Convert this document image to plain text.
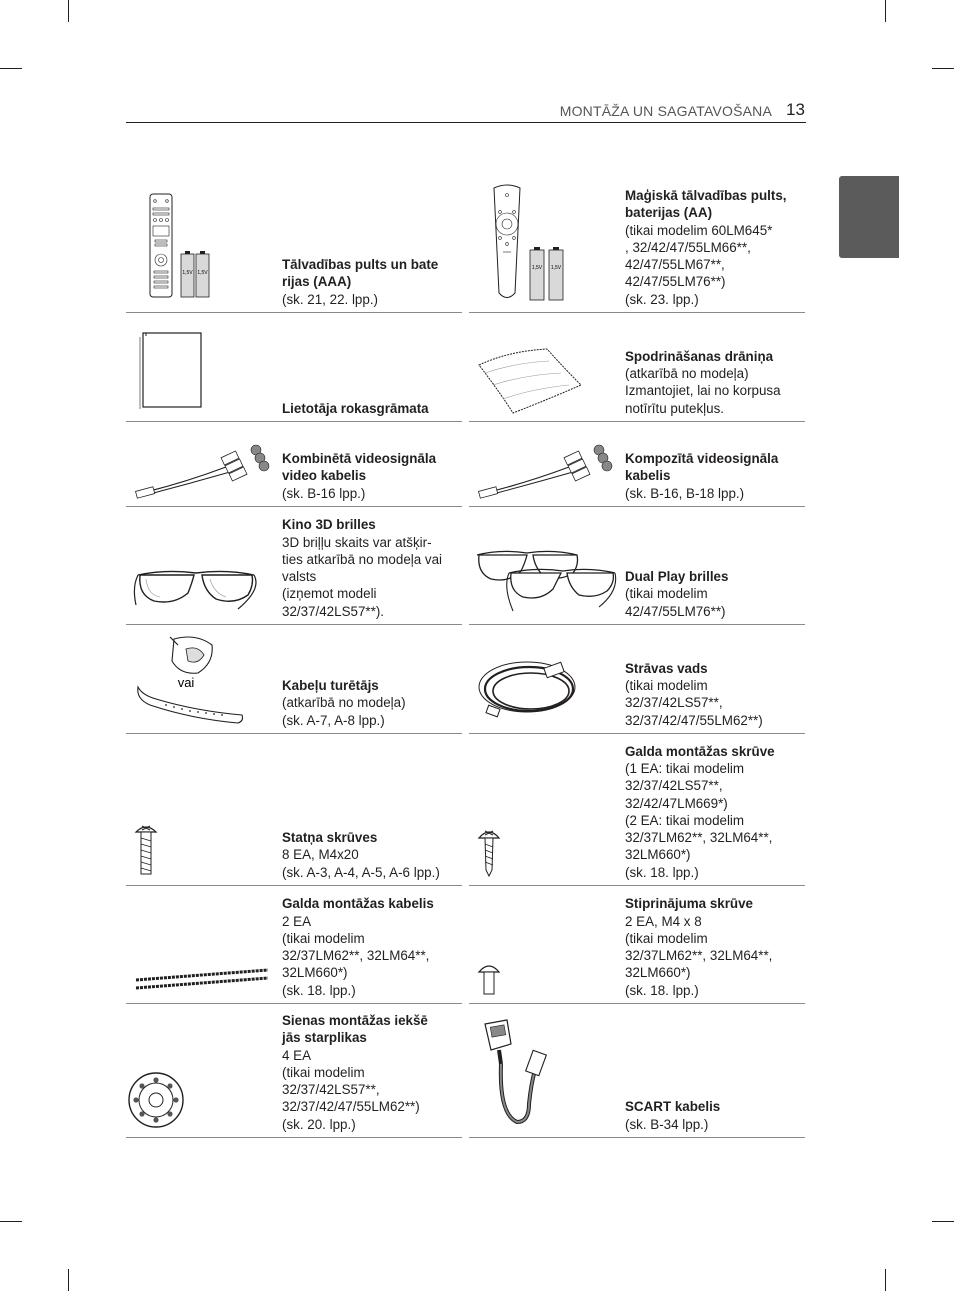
MONTĀŽA UN SAGATAVOŠANA 13
1,5V 1,5V
Tālvadības pults un bate
rijas (AAA)
(sk. 21, 22. lpp.)
1,5V 1,5V
Maģiskā tālvadības pults,
baterijas (AA)
(tikai modelim 60LM645*
, 32/42/47/55LM66**,
42/47/55LM67**,
42/47/55LM76**)
(sk. 23. lpp.)
Lietotāja rokasgrāmata
Spodrināšanas drāniņa
(atkarībā no modeļa)
Izmantojiet, lai no korpusa
notīrītu putekļus.
Kombinētā videosignāla
video kabelis
(sk. B-16 lpp.)
Kompozītā videosignāla
kabelis
(sk. B-16, B-18 lpp.)
Kino 3D brilles
3D briļļu skaits var atšķir-
ties atkarībā no modeļa vai
valsts
(izņemot modeli
32/37/42LS57**).
Dual Play brilles
(tikai modelim
42/47/55LM76**)
vai	Kabeļu turētājs
(atkarībā no modeļa)
(sk. A-7, A-8 lpp.)
Strāvas vads
(tikai modelim
32/37/42LS57**,
32/37/42/47/55LM62**)
Statņa skrūves
8 EA, M4x20
(sk. A-3, A-4, A-5, A-6 lpp.)
Galda montāžas skrūve
(1 EA: tikai modelim
32/37/42LS57**,
32/42/47LM669*)
(2 EA: tikai modelim
32/37LM62**, 32LM64**,
32LM660*)
(sk. 18. lpp.)
Galda montāžas kabelis
2 EA
(tikai modelim
32/37LM62**, 32LM64**,
32LM660*)
(sk. 18. lpp.)
Stiprinājuma skrūve
2 EA, M4 x 8
(tikai modelim
32/37LM62**, 32LM64**,
32LM660*)
(sk. 18. lpp.)
Sienas montāžas iekšē
jās starplikas
4 EA
(tikai modelim
32/37/42LS57**,
32/37/42/47/55LM62**)
(sk. 20. lpp.)
SCART kabelis
(sk. B-34 lpp.)
